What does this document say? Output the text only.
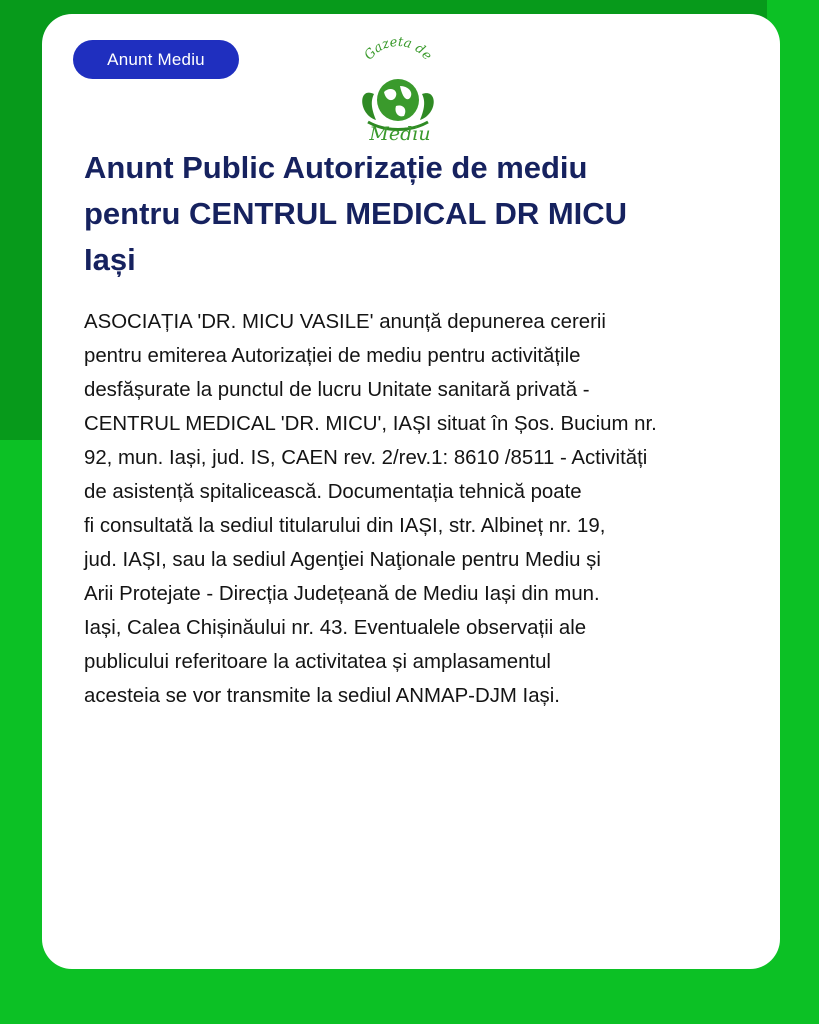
Anunt Mediu	Gazeta de
Mediu
Anunt Public Autorizație de mediu
pentru CENTRUL MEDICAL DR MICU
Iași

ASOCIAȚIA 'DR. MICU VASILE' anunță depunerea cererii
pentru emiterea Autorizației de mediu pentru activitățile
desfășurate la punctul de lucru Unitate sanitară privată -
CENTRUL MEDICAL 'DR. MICU', IAȘI situat în Șos. Bucium nr.
92, mun. Iași, jud. IS, CAEN rev. 2/rev.1: 8610 /8511 - Activități
de asistență spitalicească. Documentația tehnică poate
fi consultată la sediul titularului din IAȘI, str. Albineț nr. 19,
jud. IAȘI, sau la sediul Agenţiei Naţionale pentru Mediu și
Arii Protejate - Direcția Județeană de Mediu Iași din mun.
Iași, Calea Chișinăului nr. 43. Eventualele observații ale
publicului referitoare la activitatea și amplasamentul
acesteia se vor transmite la sediul ANMAP-DJM Iași.
